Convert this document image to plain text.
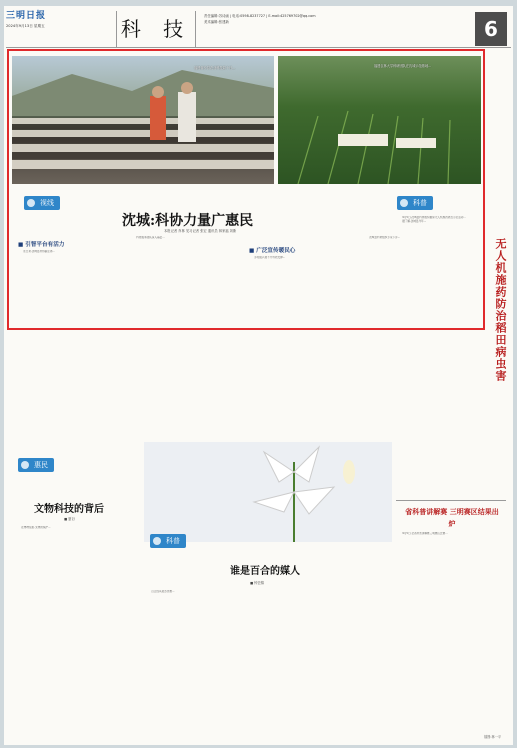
三明日报
2024年9月13日 星期五	科 技
责任编辑:苏诗函 | 电话:0598-8237727 | E-mail:425769702@qq.com
美术编辑:张建新	6
福建省沙县农业科技局十日...	福建农林大学科研团队在沈城示范基地...
视线
沈城:科协力量广惠民
本报记者 肖林 见习记者 张宏 通讯员 林家福 刘斯
■ 引智平台有活力
■ 广泛宣传暖民心

连日来,沈城县科协副主席...

科技服务团队深入基层...

乡村振兴离不开科技支撑...

沈城县科协组织专家下乡...

科普
无人机施药防治稻田病虫害

9月5日,沈城县科协组织植保无人机施药防治示范活动...

据了解,沈城县今年...

省科普讲解赛 三明赛区结果出炉

9月5日,全省科普讲解赛三明赛区比赛...

惠民
文物科技的背后
■ 夏衍

在博物馆里,文物的保护...

科普
谁是百合的媒人
■ 钟芸锦

百合因其姿态优雅...

插图:林一平
